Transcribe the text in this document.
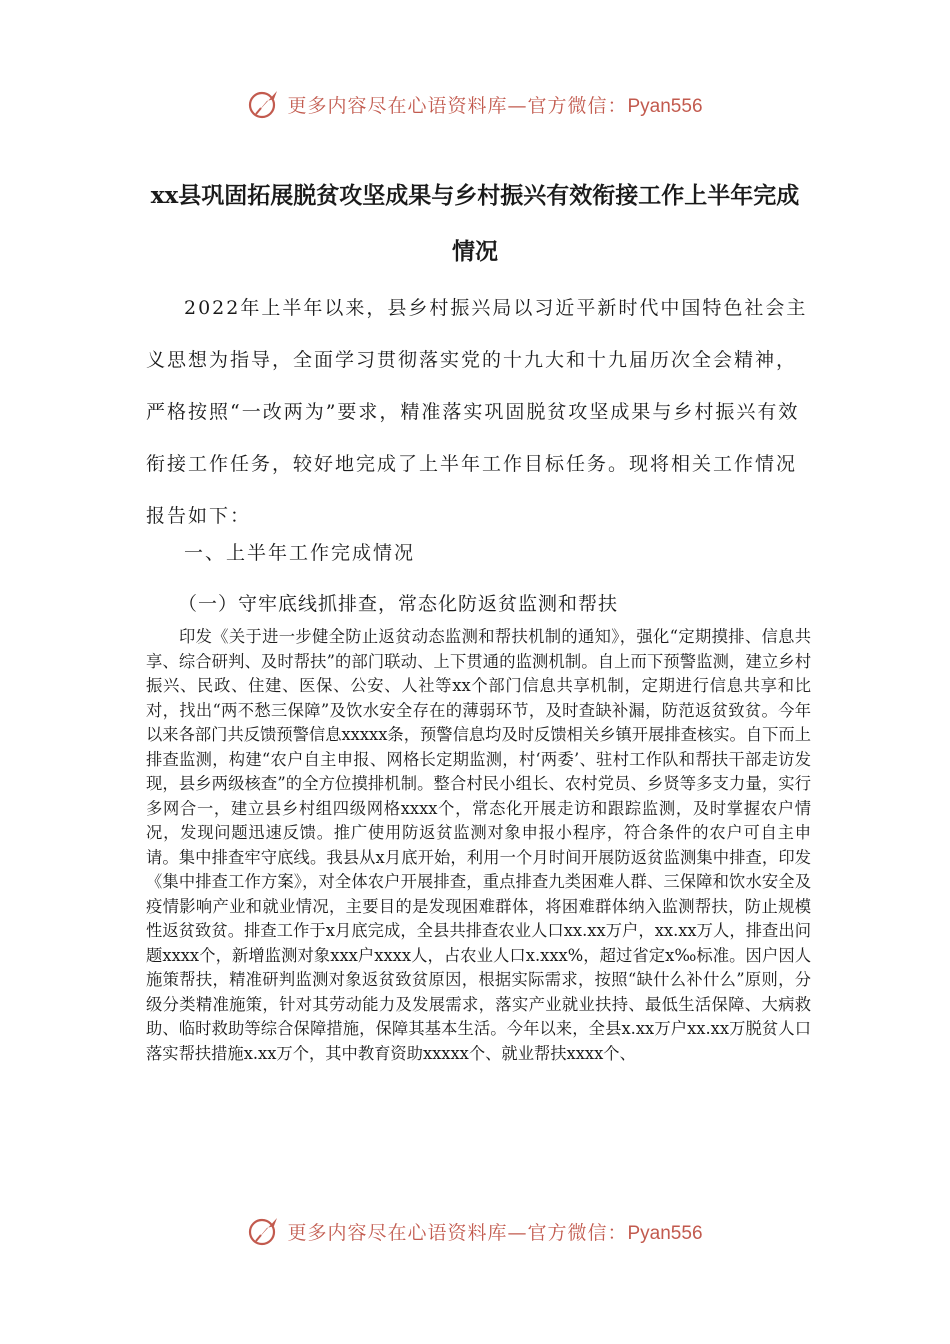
更多内容尽在心语资料库—官方微信：Pyan556
xx县巩固拓展脱贫攻坚成果与乡村振兴有效衔接工作上半年完成情况

2022年上半年以来，县乡村振兴局以习近平新时代中国特色社会主义思想为指导，全面学习贯彻落实党的十九大和十九届历次全会精神，严格按照“一改两为”要求，精准落实巩固脱贫攻坚成果与乡村振兴有效衔接工作任务，较好地完成了上半年工作目标任务。现将相关工作情况报告如下：

一、上半年工作完成情况

（一）守牢底线抓排查，常态化防返贫监测和帮扶

印发《关于进一步健全防止返贫动态监测和帮扶机制的通知》，强化“定期摸排、信息共享、综合研判、及时帮扶”的部门联动、上下贯通的监测机制。自上而下预警监测，建立乡村振兴、民政、住建、医保、公安、人社等xx个部门信息共享机制，定期进行信息共享和比对，找出“两不愁三保障”及饮水安全存在的薄弱环节，及时查缺补漏，防范返贫致贫。今年以来各部门共反馈预警信息xxxxx条，预警信息均及时反馈相关乡镇开展排查核实。自下而上排查监测，构建“农户自主申报、网格长定期监测，村‘两委’、驻村工作队和帮扶干部走访发现，县乡两级核查”的全方位摸排机制。整合村民小组长、农村党员、乡贤等多支力量，实行多网合一，建立县乡村组四级网格xxxx个，常态化开展走访和跟踪监测，及时掌握农户情况，发现问题迅速反馈。推广使用防返贫监测对象申报小程序，符合条件的农户可自主申请。集中排查牢守底线。我县从x月底开始，利用一个月时间开展防返贫监测集中排查，印发《集中排查工作方案》，对全体农户开展排查，重点排查九类困难人群、三保障和饮水安全及疫情影响产业和就业情况，主要目的是发现困难群体，将困难群体纳入监测帮扶，防止规模性返贫致贫。排查工作于x月底完成，全县共排查农业人口xx.xx万户，xx.xx万人，排查出问题xxxx个，新增监测对象xxx户xxxx人，占农业人口x.xxx%，超过省定x‰标准。因户因人施策帮扶，精准研判监测对象返贫致贫原因，根据实际需求，按照“缺什么补什么”原则，分级分类精准施策，针对其劳动能力及发展需求，落实产业就业扶持、最低生活保障、大病救助、临时救助等综合保障措施，保障其基本生活。今年以来，全县x.xx万户xx.xx万脱贫人口落实帮扶措施x.xx万个，其中教育资助xxxxx个、就业帮扶xxxx个、

更多内容尽在心语资料库—官方微信：Pyan556
